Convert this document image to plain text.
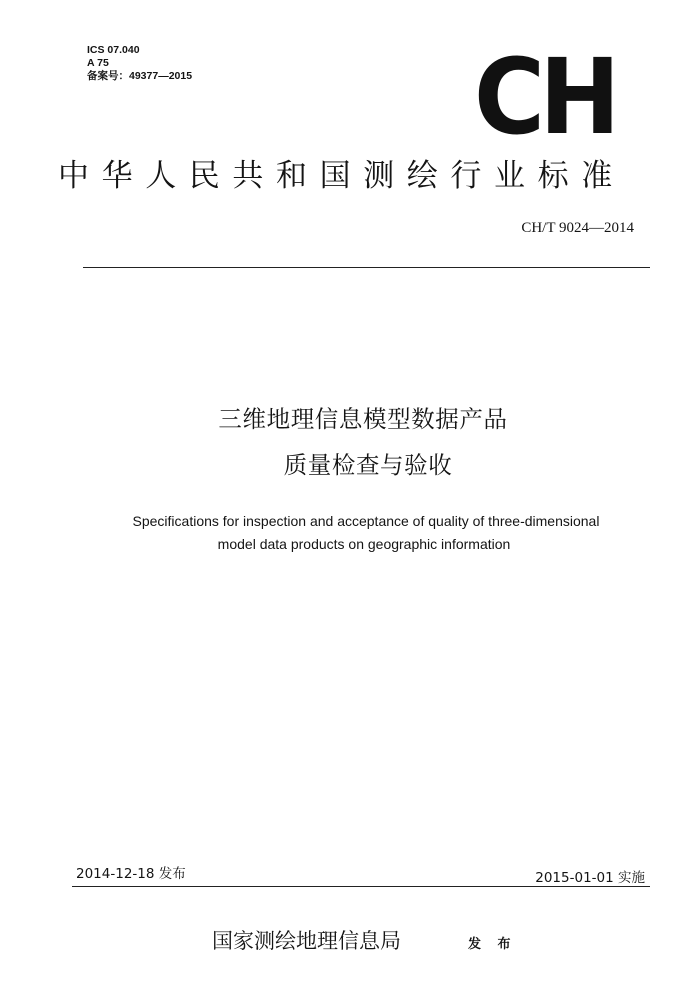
ICS 07.040
A 75
备案号：49377—2015	CH
中华人民共和国测绘行业标准
CH/T 9024—2014
三维地理信息模型数据产品
质量检查与验收
Specifications for inspection and acceptance of quality of three-dimensional
model data products on geographic information
2014-12-18 发布	2015-01-01 实施
国家测绘地理信息局	发 布
